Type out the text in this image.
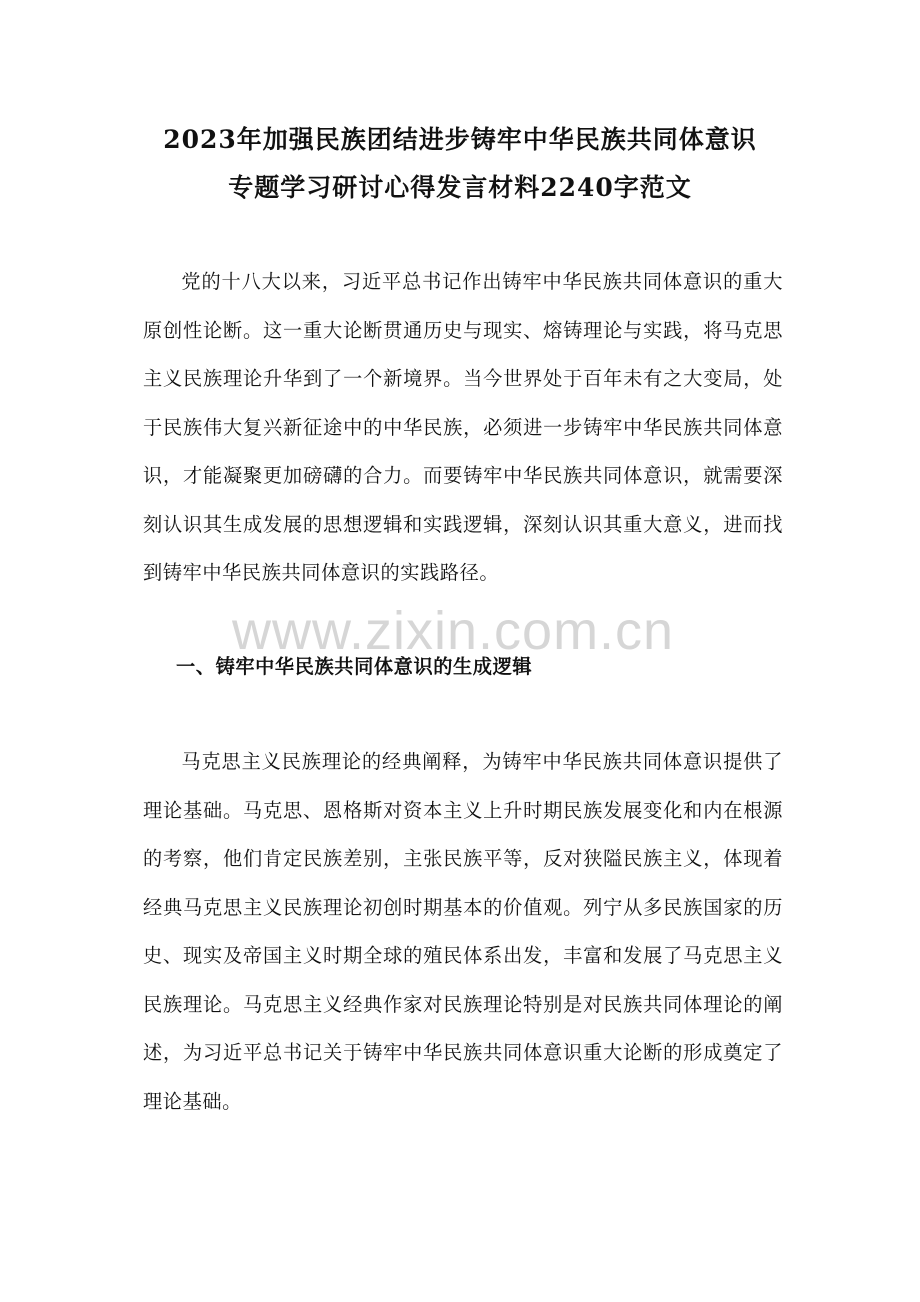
2023年加强民族团结进步铸牢中华民族共同体意识
专题学习研讨心得发言材料2240字范文

党的十八大以来，习近平总书记作出铸牢中华民族共同体意识的重大原创性论断。这一重大论断贯通历史与现实、熔铸理论与实践，将马克思主义民族理论升华到了一个新境界。当今世界处于百年未有之大变局，处于民族伟大复兴新征途中的中华民族，必须进一步铸牢中华民族共同体意识，才能凝聚更加磅礴的合力。而要铸牢中华民族共同体意识，就需要深刻认识其生成发展的思想逻辑和实践逻辑，深刻认识其重大意义，进而找到铸牢中华民族共同体意识的实践路径。

www.zixin.com.cn
一、铸牢中华民族共同体意识的生成逻辑

马克思主义民族理论的经典阐释，为铸牢中华民族共同体意识提供了理论基础。马克思、恩格斯对资本主义上升时期民族发展变化和内在根源的考察，他们肯定民族差别，主张民族平等，反对狭隘民族主义，体现着经典马克思主义民族理论初创时期基本的价值观。列宁从多民族国家的历史、现实及帝国主义时期全球的殖民体系出发，丰富和发展了马克思主义民族理论。马克思主义经典作家对民族理论特别是对民族共同体理论的阐述，为习近平总书记关于铸牢中华民族共同体意识重大论断的形成奠定了理论基础。
